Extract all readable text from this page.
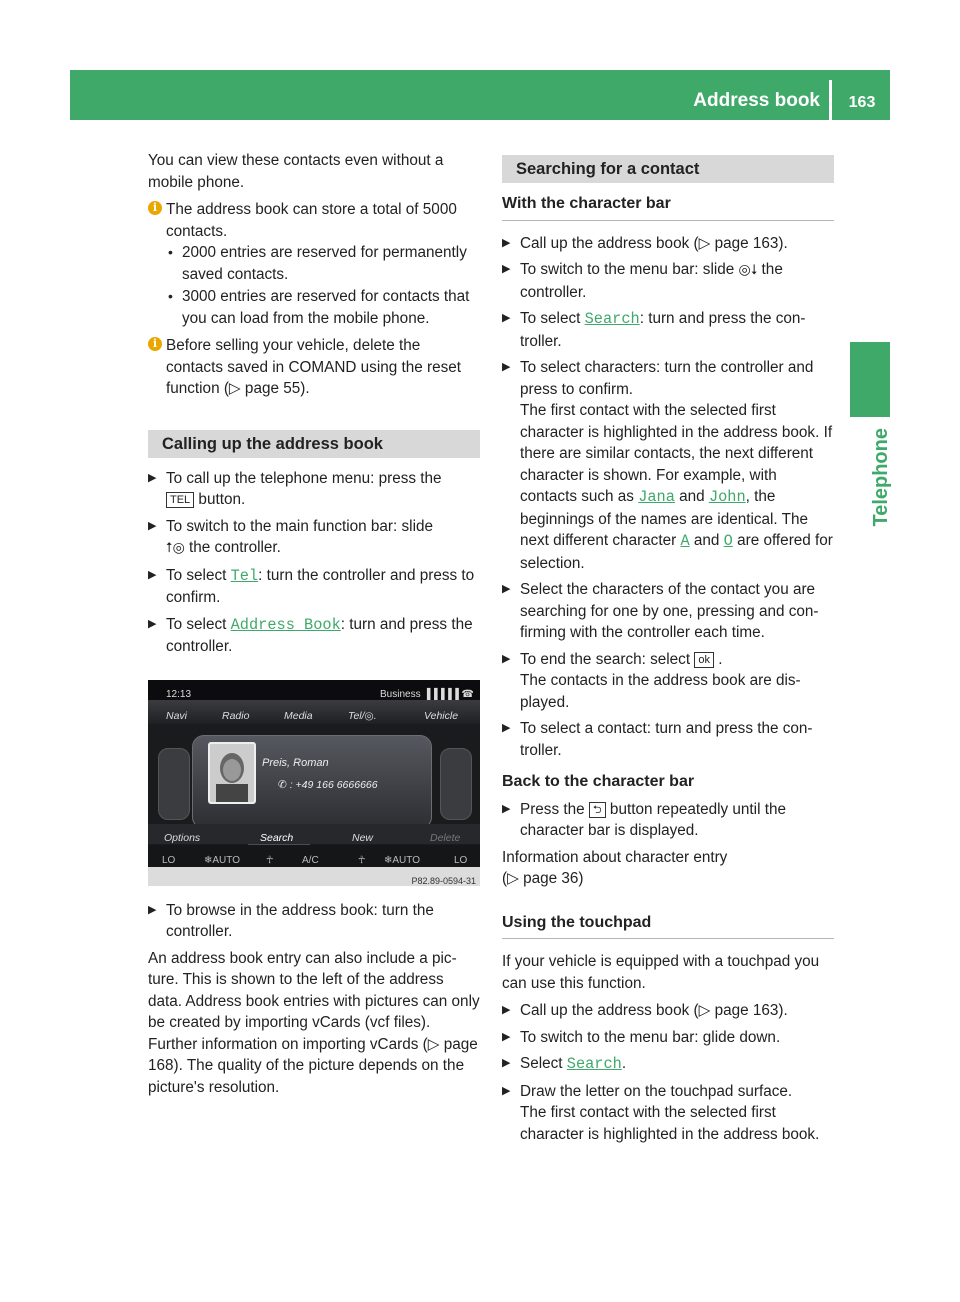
Address book	163
Telephone

You can view these contacts even without a mobile phone.

i The address book can store a total of 5000 contacts.
• 2000 entries are reserved for permanently saved contacts.
• 3000 entries are reserved for contacts that you can load from the mobile phone.
i Before selling your vehicle, delete the contacts saved in COMAND using the reset function (▷ page 55).
Calling up the address book
▶ To call up the telephone menu: press the
TEL button.
▶ To switch to the main function bar: slide
⭡◎ the controller.
▶ To select Tel: turn the controller and press to confirm.
▶ To select Address Book: turn and press the controller.
12:13	Business ▐▐▐▐▐ ☎
Navi	Radio	Media	Tel/◎.	Vehicle
Preis, Roman
✆ : +49 166 6666666
Options	Search	New	Delete
LO	❄AUTO	☥	A/C	☥ ❄AUTO	LO
P82.89-0594-31
▶ To browse in the address book: turn the controller.

An address book entry can also include a picture. This is shown to the left of the address data. Address book entries with pictures can only be created by importing vCards (vcf files). Further information on importing vCards (▷ page 168). The quality of the picture depends on the picture's resolution.

Searching for a contact
With the character bar
▶ Call up the address book (▷ page 163).
▶ To switch to the menu bar: slide ◎⭣ the controller.
▶ To select Search: turn and press the controller.
▶ To select characters: turn the controller and press to confirm.
The first contact with the selected first character is highlighted in the address book. If there are similar contacts, the next different character is shown. For example, with contacts such as Jana and John, the beginnings of the names are identical. The next different character A and O are offered for selection.
▶ Select the characters of the contact you are searching for one by one, pressing and confirming with the controller each time.
▶ To end the search: select ok .
The contacts in the address book are displayed.
▶ To select a contact: turn and press the controller.
Back to the character bar
▶ Press the ⮌ button repeatedly until the character bar is displayed.

Information about character entry
(▷ page 36)

Using the touchpad

If your vehicle is equipped with a touchpad you can use this function.

▶ Call up the address book (▷ page 163).
▶ To switch to the menu bar: glide down.
▶ Select Search.
▶ Draw the letter on the touchpad surface.
The first contact with the selected first character is highlighted in the address book.
